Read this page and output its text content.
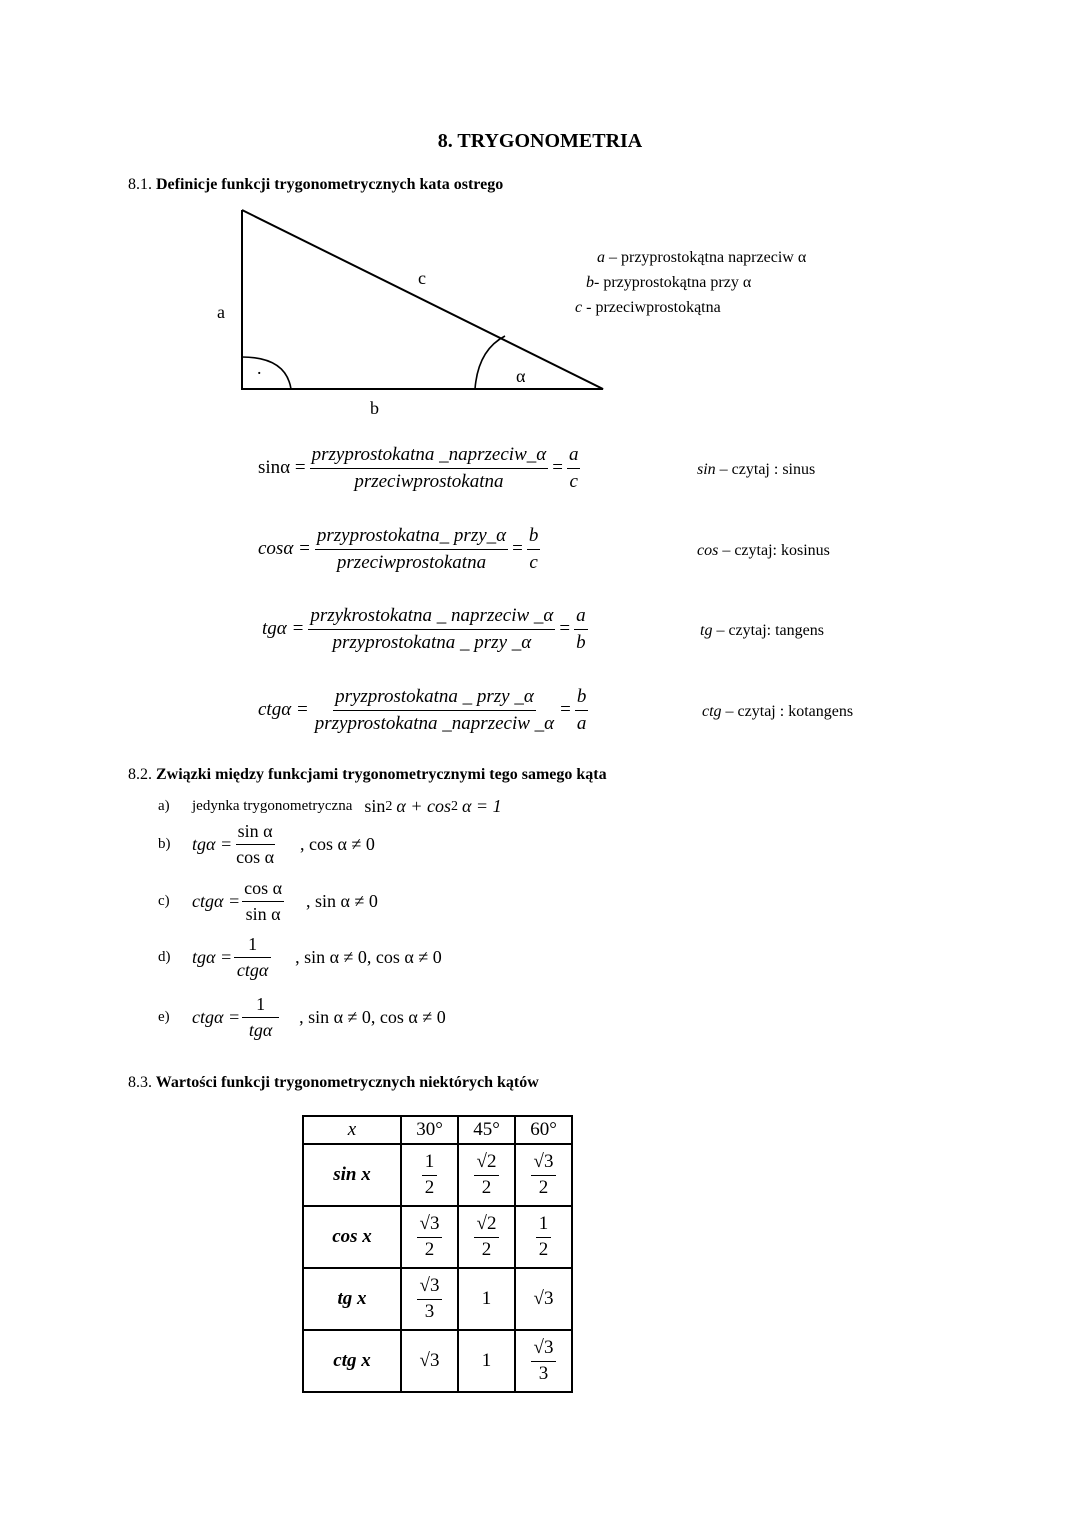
8. TRYGONOMETRIA
8.1. Definicje funkcji trygonometrycznych kata ostrego
a
b
c
α
.
a – przyprostokątna naprzeciw α
b- przyprostokątna przy α
c - przeciwprostokątna
$\sin\alpha = \frac{\text{przyprostokatna \_naprzeciw\_α}}{\text{przeciwprostokatna}} = \frac{a}{c}$	sin – czytaj : sinus
$\cos\alpha = \frac{\text{przyprostokatna\_ przy\_α}}{\text{przeciwprostokatna}} = \frac{b}{c}$	cos – czytaj: kosinus
$tg\alpha = \frac{\text{przykrostokatna \_ naprzeciw \_α}}{\text{przyprostokatna \_ przy \_α}} = \frac{a}{b}$	tg – czytaj: tangens
$ctg\alpha = \frac{\text{pryzprostokatna \_ przy \_α}}{\text{przyprostokatna \_naprzeciw \_α}} = \frac{b}{a}$	ctg – czytaj : kotangens
8.2. Związki między funkcjami trygonometrycznymi tego samego kąta
a)	jedynka trygonometryczna sin 2 α + cos 2 α = 1
b)	$tg\alpha = \frac{\text{sin α}}{\text{cos α}}$ , cos α ≠ 0
c)	$ctg\alpha = \frac{\text{cos α}}{\text{sin α}}$ , sin α ≠ 0
d)	$tg\alpha = \frac{1}{\text{ctgα}}$ , sin α ≠ 0, cos α ≠ 0
e)	$ctg\alpha = \frac{1}{\text{tgα}}$ , sin α ≠ 0, cos α ≠ 0
8.3. Wartości funkcji trygonometrycznych niektórych kątów
x	30°	45°	60°
sin x	$\frac{1}{2}$	$\frac{√2}{2}$	$\frac{√3}{2}$

cos x	$\frac{√3}{2}$	$\frac{√2}{2}$	$\frac{1}{2}$

tg x	$\frac{√3}{3}$	1	√3
ctg x	√3	1	$\frac{√3}{3}$
